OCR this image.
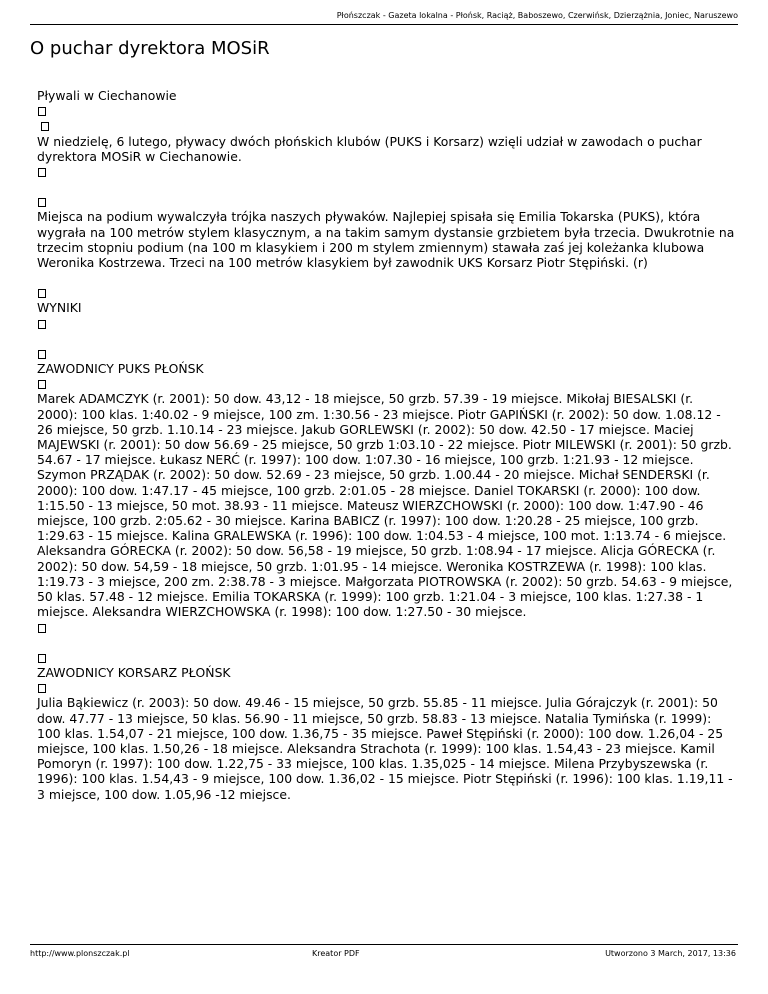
Płońszczak - Gazeta lokalna - Płońsk, Raciąż, Baboszewo, Czerwińsk, Dzierzążnia, Joniec, Naruszewo
O puchar dyrektora MOSiR

Pływali w Ciechanowie

W niedzielę, 6 lutego, pływacy dwóch płońskich klubów (PUKS i Korsarz) wzięli udział w zawodach o puchar dyrektora MOSiR w Ciechanowie.

Miejsca na podium wywalczyła trójka naszych pływaków. Najlepiej spisała się Emilia Tokarska (PUKS), która wygrała na 100 metrów stylem klasycznym, a na takim samym dystansie grzbietem była trzecia. Dwukrotnie na trzecim stopniu podium (na 100 m klasykiem i 200 m stylem zmiennym) stawała zaś jej koleżanka klubowa Weronika Kostrzewa. Trzeci na 100 metrów klasykiem był zawodnik UKS Korsarz Piotr Stępiński. (r)

WYNIKI

ZAWODNICY PUKS PŁOŃSK

Marek ADAMCZYK (r. 2001): 50 dow. 43,12 - 18 miejsce, 50 grzb. 57.39 - 19 miejsce. Mikołaj BIESALSKI (r. 2000): 100 klas. 1:40.02 - 9 miejsce, 100 zm. 1:30.56 - 23 miejsce. Piotr GAPIŃSKI (r. 2002): 50 dow. 1.08.12 - 26 miejsce, 50 grzb. 1.10.14 - 23 miejsce. Jakub GORLEWSKI (r. 2002): 50 dow. 42.50 - 17 miejsce. Maciej MAJEWSKI (r. 2001): 50 dow 56.69 - 25 miejsce, 50 grzb 1:03.10 - 22 miejsce. Piotr MILEWSKI (r. 2001): 50 grzb. 54.67 - 17 miejsce. Łukasz NERĆ (r. 1997): 100 dow. 1:07.30 - 16 miejsce, 100 grzb. 1:21.93 - 12 miejsce. Szymon PRZĄDAK (r. 2002): 50 dow. 52.69 - 23 miejsce, 50 grzb. 1.00.44 - 20 miejsce. Michał SENDERSKI (r. 2000): 100 dow. 1:47.17 - 45 miejsce, 100 grzb. 2:01.05 - 28 miejsce. Daniel TOKARSKI (r. 2000): 100 dow. 1:15.50 - 13 miejsce, 50 mot. 38.93 - 11 miejsce. Mateusz WIERZCHOWSKI (r. 2000): 100 dow. 1:47.90 - 46 miejsce, 100 grzb. 2:05.62 - 30 miejsce. Karina BABICZ (r. 1997): 100 dow. 1:20.28 - 25 miejsce, 100 grzb. 1:29.63 - 15 miejsce. Kalina GRALEWSKA (r. 1996): 100 dow. 1:04.53 - 4 miejsce, 100 mot. 1:13.74 - 6 miejsce. Aleksandra GÓRECKA (r. 2002): 50 dow. 56,58 - 19 miejsce, 50 grzb. 1:08.94 - 17 miejsce. Alicja GÓRECKA (r. 2002): 50 dow. 54,59 - 18 miejsce, 50 grzb. 1:01.95 - 14 miejsce. Weronika KOSTRZEWA (r. 1998): 100 klas. 1:19.73 - 3 miejsce, 200 zm. 2:38.78 - 3 miejsce. Małgorzata PIOTROWSKA (r. 2002): 50 grzb. 54.63 - 9 miejsce, 50 klas. 57.48 - 12 miejsce. Emilia TOKARSKA (r. 1999): 100 grzb. 1:21.04 - 3 miejsce, 100 klas. 1:27.38 - 1 miejsce. Aleksandra WIERZCHOWSKA (r. 1998): 100 dow. 1:27.50 - 30 miejsce.

ZAWODNICY KORSARZ PŁOŃSK

Julia Bąkiewicz (r. 2003): 50 dow. 49.46 - 15 miejsce, 50 grzb. 55.85 - 11 miejsce. Julia Górajczyk (r. 2001): 50 dow. 47.77 - 13 miejsce, 50 klas. 56.90 - 11 miejsce, 50 grzb. 58.83 - 13 miejsce. Natalia Tymińska (r. 1999): 100 klas. 1.54,07 - 21 miejsce, 100 dow. 1.36,75 - 35 miejsce. Paweł Stępiński (r. 2000): 100 dow. 1.26,04 - 25 miejsce, 100 klas. 1.50,26 - 18 miejsce. Aleksandra Strachota (r. 1999): 100 klas. 1.54,43 - 23 miejsce. Kamil Pomoryn (r. 1997): 100 dow. 1.22,75 - 33 miejsce, 100 klas. 1.35,025 - 14 miejsce. Milena Przybyszewska (r. 1996): 100 klas. 1.54,43 - 9 miejsce, 100 dow. 1.36,02 - 15 miejsce. Piotr Stępiński (r. 1996): 100 klas. 1.19,11 - 3 miejsce, 100 dow. 1.05,96 -12 miejsce.

http://www.plonszczak.pl	Kreator PDF	Utworzono 3 March, 2017, 13:36
